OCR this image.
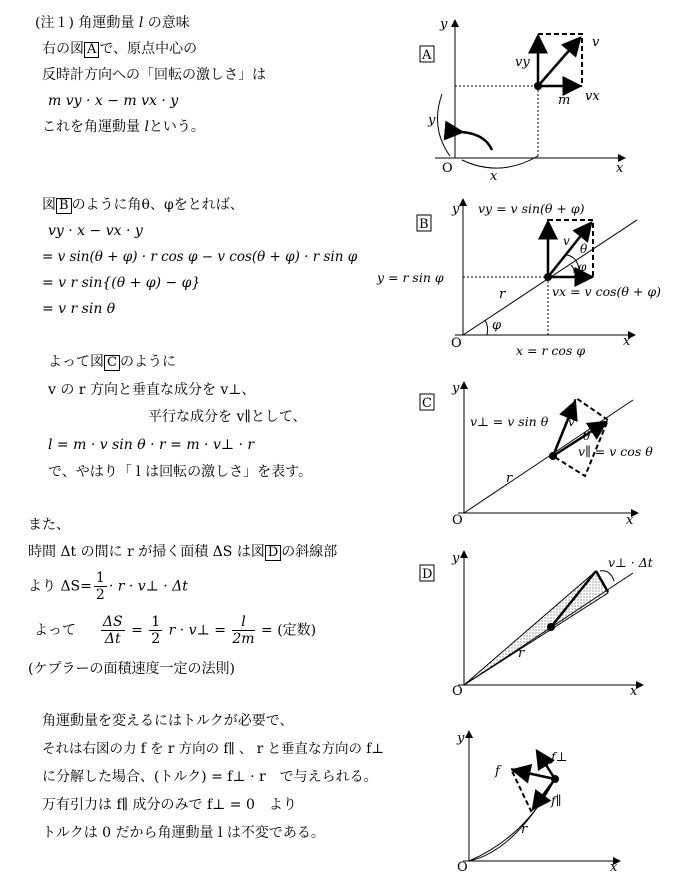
(注１) 角運動量 l の意味
右の図 A で、原点中心の
反時計方向への「回転の激しさ」は
m vy · x − m vx · y
これを角運動量 lという。
図 B のように角θ、φをとれば、
vy · x − vx · y
= v sin(θ + φ) · r cos φ − v cos(θ + φ) · r sin φ
= v r sin{(θ + φ) − φ}
= v r sin θ
よって図 C のように
v の r 方向と垂直な成分を v⊥、
平行な成分を v∥として、
l = m · v sin θ · r = m · v⊥ · r
で、やはり「 l は回転の激しさ」を表す。
また、
時間 Δt の間に r が掃く面積 ΔS は図 D の斜線部
より $\Delta S= \frac{1}{2} \cdot r$ · v⊥ · Δt
よって $\frac{\Delta S}{\Delta t} = \frac{1}{2}$ r · v⊥ = $\frac{l}{2m}$ = (定数)
(ケプラーの面積速度一定の法則)
角運動量を変えるにはトルクが必要で、
それは右図の力 f を r 方向の f∥ 、 r と垂直な方向の f⊥
に分解した場合、(トルク) = f⊥ · r　で与えられる。
万有引力は f∥ 成分のみで f⊥ = 0　より
トルクは 0 だから角運動量 l は不変である。
A
y
x
O
v
vy
vx
m
y
x
B
y
x
O
vy = v sin(θ + φ)
y = r sin φ
v
θ
φ
vx = v cos(θ + φ)
r
φ
x = r cos φ
C
y
x
O
v⊥ = v sin θ v
θ
v∥ = v cos θ
r
D
y
x
O
v⊥ · Δt
r
y
x
O
f
f⊥
f∥
r
